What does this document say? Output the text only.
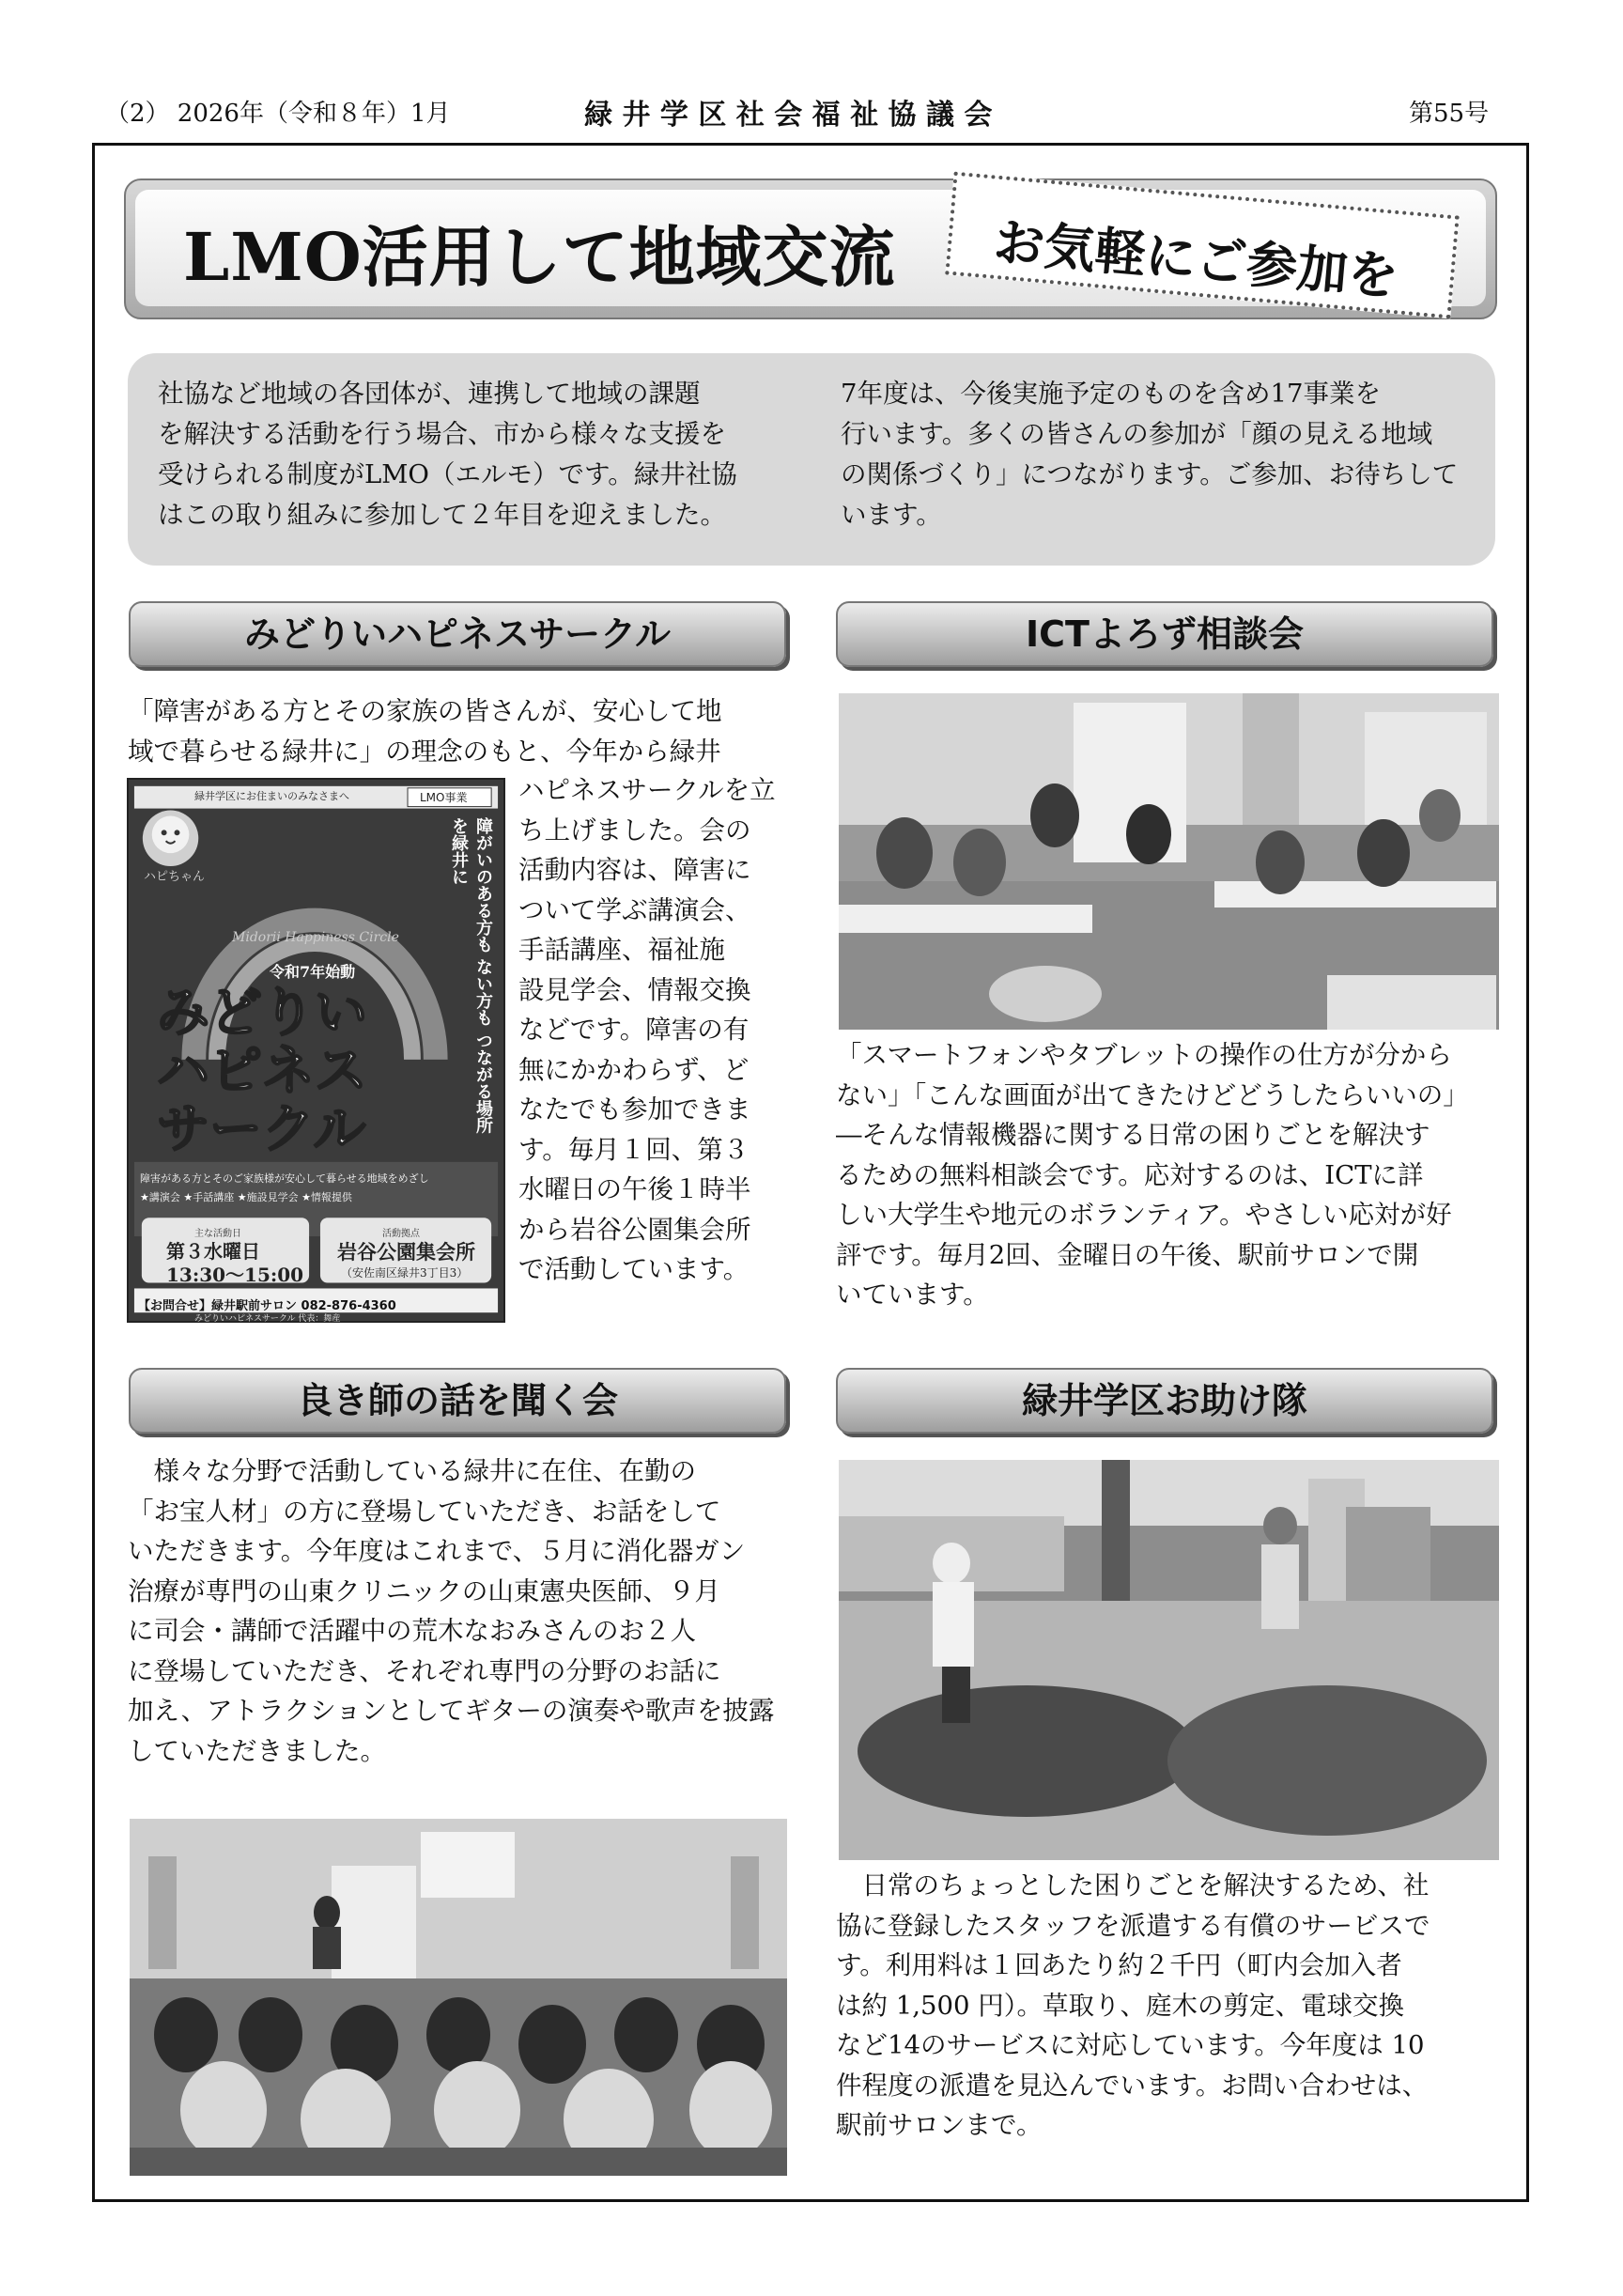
（2） 2026年（令和８年）1月	緑 井 学 区 社 会 福 祉 協 議 会	第55号
LMO活用して地域交流 お気軽にご参加を
社協など地域の各団体が、連携して地域の課題
を解決する活動を行う場合、市から様々な支援を
受けられる制度がLMO（エルモ）です。緑井社協
はこの取り組みに参加して２年目を迎えました。
7年度は、今後実施予定のものを含め17事業を
行います。多くの皆さんの参加が「顔の見える地域
の関係づくり」につながります。ご参加、お待ちして
います。
みどりいハピネスサークル
「障害がある方とその家族の皆さんが、安心して地
域で暮らせる緑井に」の理念のもと、今年から緑井
緑井学区にお住まいのみなさまへ	LMO事業
ハピちゃん
Midorii Happiness Circle
令和7年始動
みどりい
ハピネス
サークル	障がいのある方も ない方も つながる場所を緑井に
障害がある方とそのご家族様が安心して暮らせる地域をめざし
★講演会 ★手話講座 ★施設見学会 ★情報提供
主な活動日
第３水曜日
13:30～15:00
活動拠点
岩谷公園集会所
（安佐南区緑井3丁目3）
【お問合せ】緑井駅前サロン 082-876-4360
みどりいハピネスサークル 代表：舞産
ハピネスサークルを立
ち上げました。会の
活動内容は、障害に
ついて学ぶ講演会、
手話講座、福祉施
設見学会、情報交換
などです。障害の有
無にかかわらず、ど
なたでも参加できま
す。毎月１回、第３
水曜日の午後１時半
から岩谷公園集会所
で活動しています。
ICTよろず相談会
「スマートフォンやタブレットの操作の仕方が分から
ない」「こんな画面が出てきたけどどうしたらいいの」
―そんな情報機器に関する日常の困りごとを解決す
るための無料相談会です。応対するのは、ICTに詳
しい大学生や地元のボランティア。やさしい応対が好
評です。毎月2回、金曜日の午後、駅前サロンで開
いています。
良き師の話を聞く会
　様々な分野で活動している緑井に在住、在勤の
「お宝人材」の方に登場していただき、お話をして
いただきます。今年度はこれまで、５月に消化器ガン
治療が専門の山東クリニックの山東憲央医師、９月
に司会・講師で活躍中の荒木なおみさんのお２人
に登場していただき、それぞれ専門の分野のお話に
加え、アトラクションとしてギターの演奏や歌声を披露
していただきました。
緑井学区お助け隊
　日常のちょっとした困りごとを解決するため、社
協に登録したスタッフを派遣する有償のサービスで
す。利用料は１回あたり約２千円（町内会加入者
は約 1,500 円）。草取り、庭木の剪定、電球交換
など14のサービスに対応しています。今年度は 10
件程度の派遣を見込んでいます。お問い合わせは、
駅前サロンまで。
